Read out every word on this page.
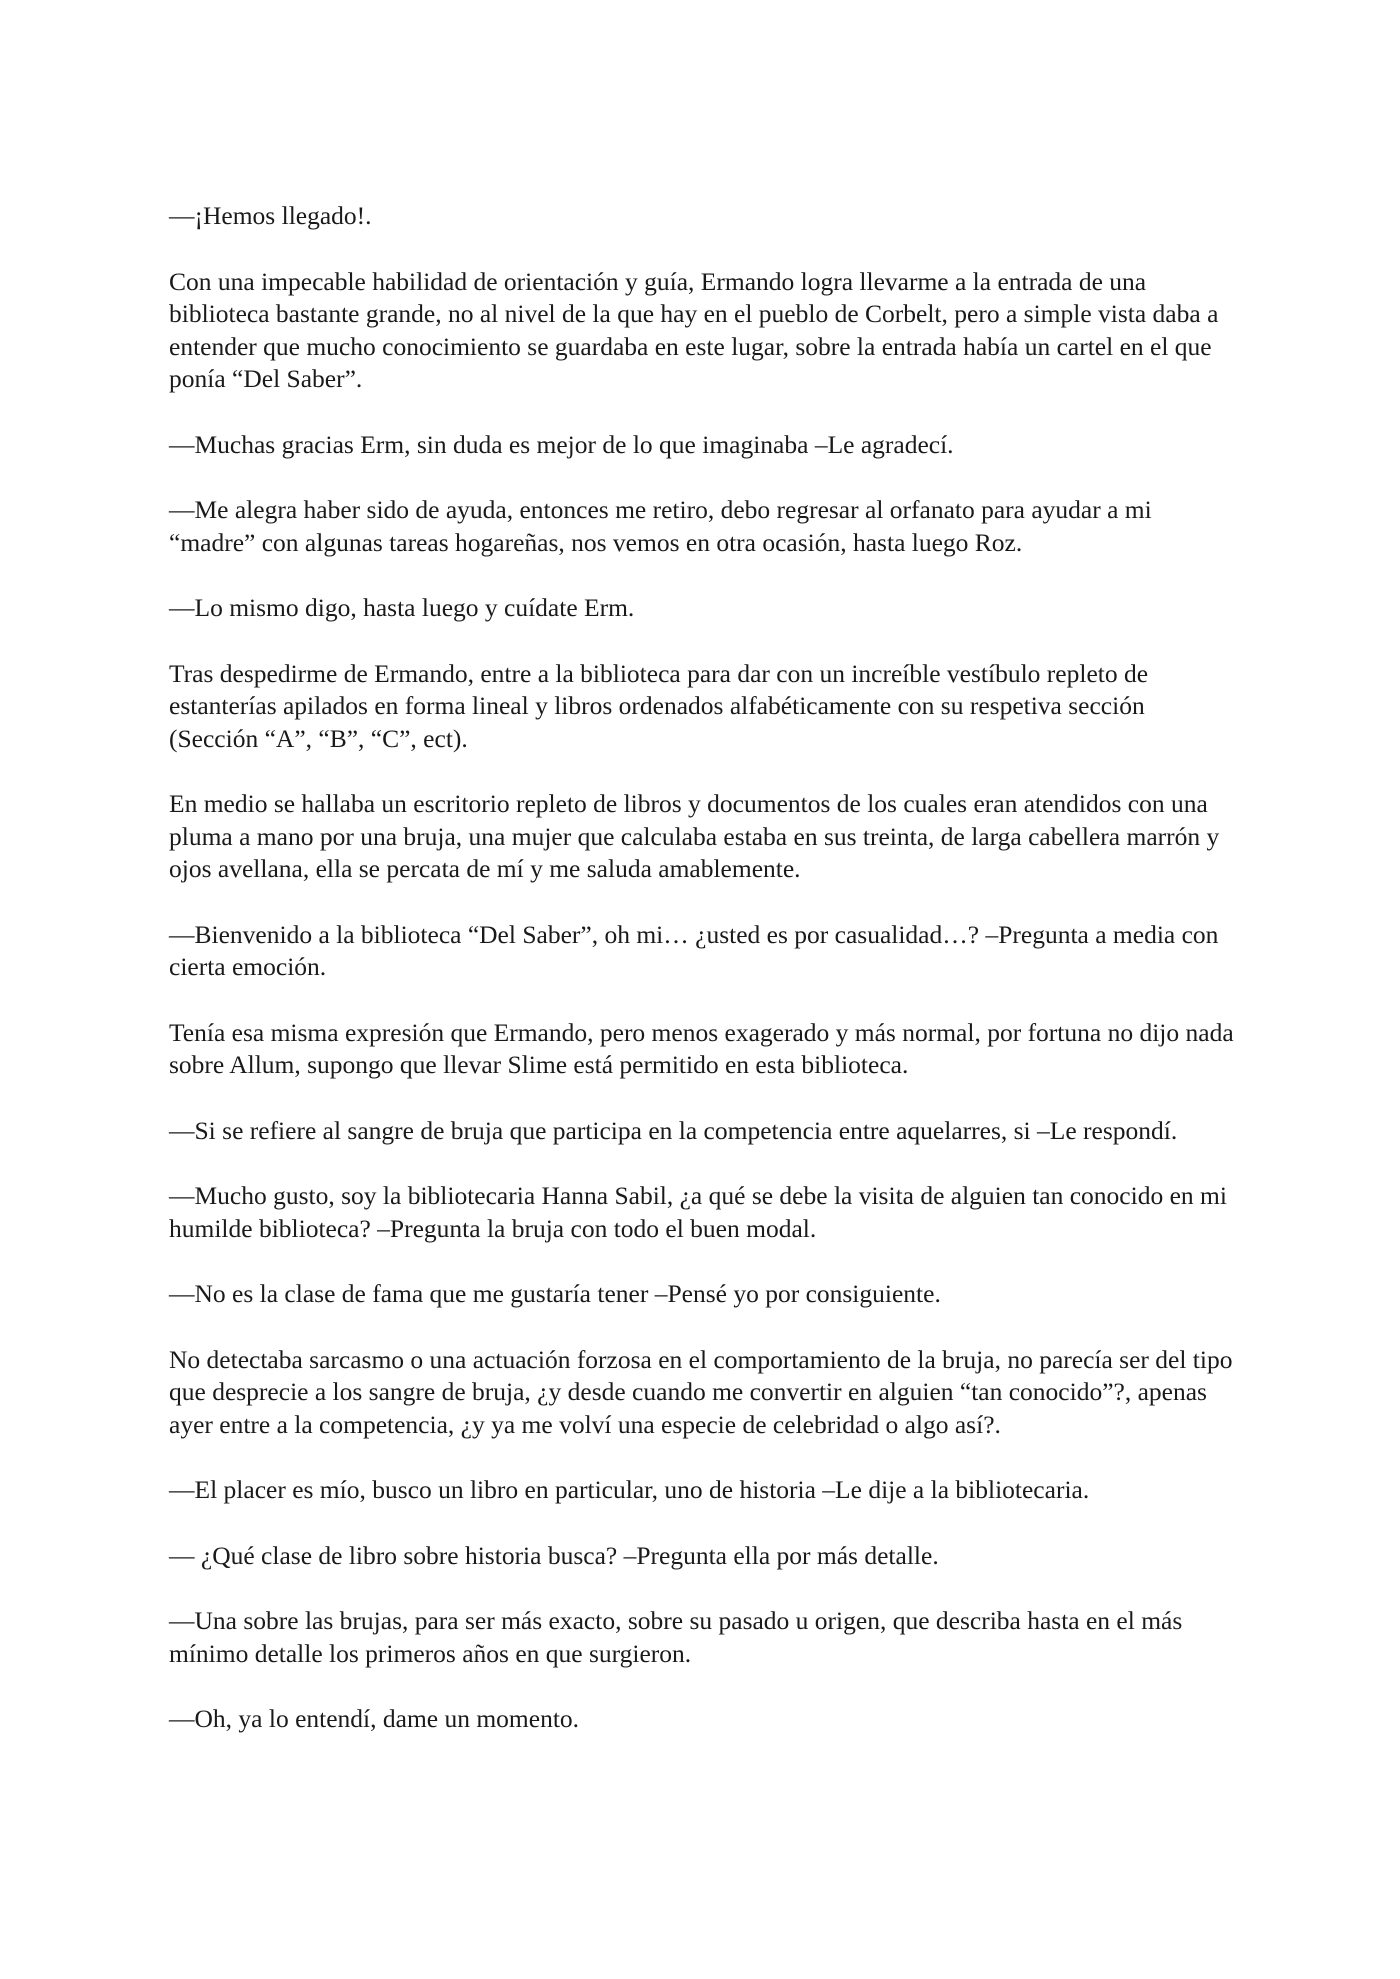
—¡Hemos llegado!.

Con una impecable habilidad de orientación y guía, Ermando logra llevarme a la entrada de una biblioteca bastante grande, no al nivel de la que hay en el pueblo de Corbelt, pero a simple vista daba a entender que mucho conocimiento se guardaba en este lugar, sobre la entrada había un cartel en el que ponía “Del Saber”.

—Muchas gracias Erm, sin duda es mejor de lo que imaginaba –Le agradecí.

—Me alegra haber sido de ayuda, entonces me retiro, debo regresar al orfanato para ayudar a mi “madre” con algunas tareas hogareñas, nos vemos en otra ocasión, hasta luego Roz.

—Lo mismo digo, hasta luego y cuídate Erm.

Tras despedirme de Ermando, entre a la biblioteca para dar con un increíble vestíbulo repleto de estanterías apilados en forma lineal y libros ordenados alfabéticamente con su respetiva sección (Sección “A”, “B”, “C”, ect).

En medio se hallaba un escritorio repleto de libros y documentos de los cuales eran atendidos con una pluma a mano por una bruja, una mujer que calculaba estaba en sus treinta, de larga cabellera marrón y ojos avellana, ella se percata de mí y me saluda amablemente.

—Bienvenido a la biblioteca “Del Saber”, oh mi… ¿usted es por casualidad…? –Pregunta a media con cierta emoción.

Tenía esa misma expresión que Ermando, pero menos exagerado y más normal, por fortuna no dijo nada sobre Allum, supongo que llevar Slime está permitido en esta biblioteca.

—Si se refiere al sangre de bruja que participa en la competencia entre aquelarres, si –Le respondí.

—Mucho gusto, soy la bibliotecaria Hanna Sabil, ¿a qué se debe la visita de alguien tan conocido en mi humilde biblioteca? –Pregunta la bruja con todo el buen modal.

—No es la clase de fama que me gustaría tener –Pensé yo por consiguiente.

No detectaba sarcasmo o una actuación forzosa en el comportamiento de la bruja, no parecía ser del tipo que desprecie a los sangre de bruja, ¿y desde cuando me convertir en alguien “tan conocido”?, apenas ayer entre a la competencia, ¿y ya me volví una especie de celebridad o algo así?.

—El placer es mío, busco un libro en particular, uno de historia –Le dije a la bibliotecaria.

— ¿Qué clase de libro sobre historia busca? –Pregunta ella por más detalle.

—Una sobre las brujas, para ser más exacto, sobre su pasado u origen, que describa hasta en el más mínimo detalle los primeros años en que surgieron.

—Oh, ya lo entendí, dame un momento.
